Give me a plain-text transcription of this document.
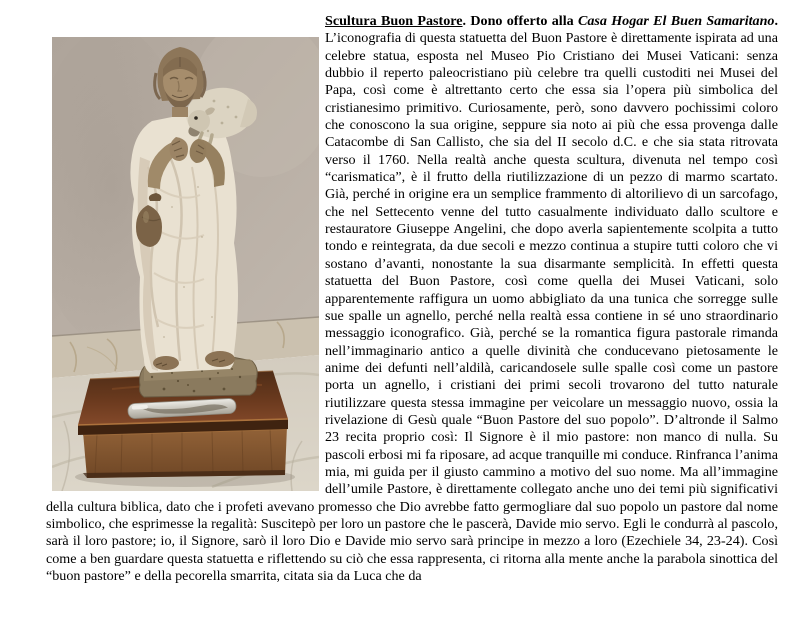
Scultura Buon Pastore. Dono offerto alla Casa Hogar El Buen Samaritano. L’iconografia di questa statuetta del Buon Pastore è direttamente ispirata ad una celebre statua, esposta nel Museo Pio Cristiano dei Musei Vaticani: senza dubbio il reperto paleocristiano più celebre tra quelli custoditi nei Musei del Papa, così come è altrettanto certo che essa sia l’opera più simbolica del cristianesimo primitivo. Curiosamente, però, sono davvero pochissimi coloro che conoscono la sua origine, seppure sia noto ai più che essa provenga dalle Catacombe di San Callisto, che sia del II secolo d.C. e che sia stata ritrovata verso il 1760. Nella realtà anche questa scultura, divenuta nel tempo così “carismatica”, è il frutto della riutilizzazione di un pezzo di marmo scartato. Già, perché in origine era un semplice frammento di altorilievo di un sarcofago, che nel Settecento venne del tutto casualmente individuato dallo scultore e restauratore Giuseppe Angelini, che dopo averla sapientemente scolpita a tutto tondo e reintegrata, da due secoli e mezzo continua a stupire tutti coloro che vi sostano d’avanti, nonostante la sua disarmante semplicità. In effetti questa statuetta del Buon Pastore, così come quella dei Musei Vaticani, solo apparentemente raffigura un uomo abbigliato da una tunica che sorregge sulle sue spalle un agnello, perché nella realtà essa contiene in sé uno straordinario messaggio iconografico. Già, perché se la romantica figura pastorale rimanda nell’immaginario antico a quelle divinità che conducevano pietosamente le anime dei defunti nell’aldilà, caricandosele sulle spalle così come un pastore porta un agnello, i cristiani dei primi secoli trovarono del tutto naturale riutilizzare questa stessa immagine per veicolare un messaggio nuovo, ossia la rivelazione di Gesù quale “Buon Pastore del suo popolo”. D’altronde il Salmo 23 recita proprio così: Il Signore è il mio pastore: non manco di nulla. Su pascoli erbosi mi fa riposare, ad acque tranquille mi conduce. Rinfranca l’anima mia, mi guida per il giusto cammino a motivo del suo nome. Ma all’immagine dell’umile Pastore, è direttamente collegato anche uno dei temi più significativi della cultura biblica, dato che i profeti avevano promesso che Dio avrebbe fatto germogliare dal suo popolo un pastore dal nome simbolico, che esprimesse la regalità: Suscitерò per loro un pastore che le pascerà, Davide mio servo. Egli le condurrà al pascolo, sarà il loro pastore; io, il Signore, sarò il loro Dio e Davide mio servo sarà principe in mezzo a loro (Ezechiele 34, 23-24). Così come a ben guardare questa statuetta e riflettendo su ciò che essa rappresenta, ci ritorna alla mente anche la parabola sinottica del “buon pastore” e della pecorella smarrita, citata sia da Luca che da
